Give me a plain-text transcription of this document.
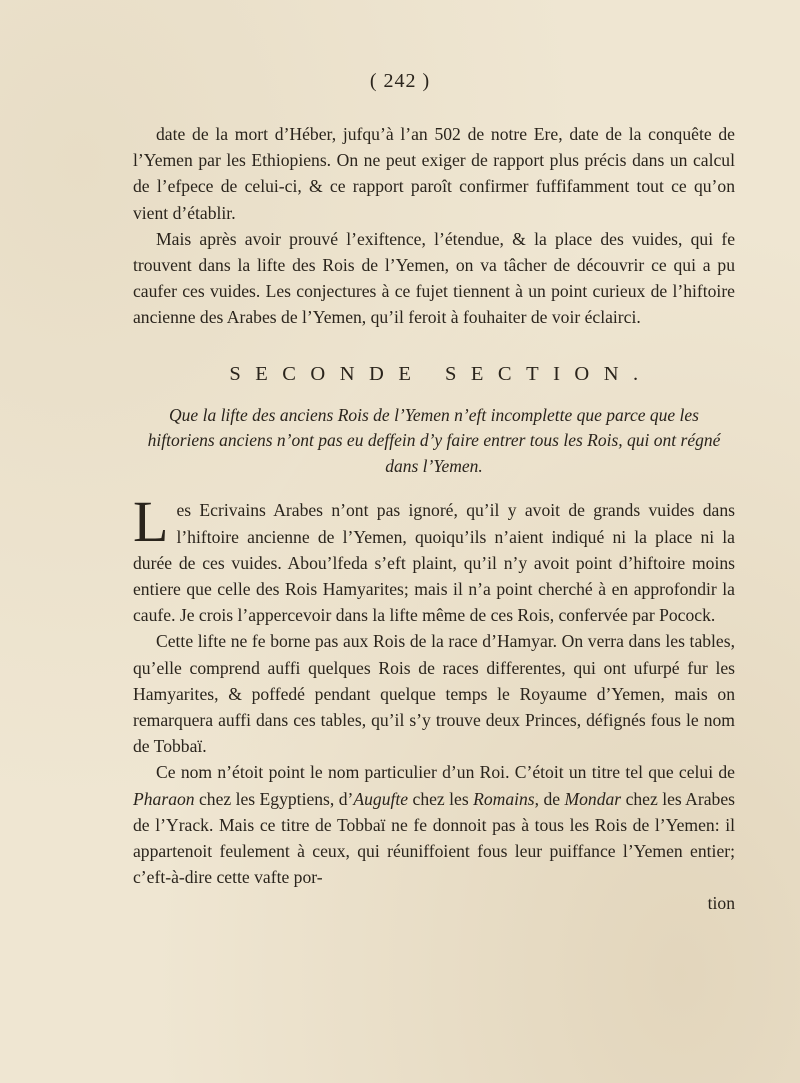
( 242 )

date de la mort d’Héber, jufqu’à l’an 502 de notre Ere, date de la conquête de l’Yemen par les Ethiopiens. On ne peut exiger de rapport plus précis dans un calcul de l’efpece de celui-ci, & ce rapport paroît confirmer fuffifamment tout ce qu’on vient d’établir.

Mais après avoir prouvé l’exiftence, l’étendue, & la place des vuides, qui fe trouvent dans la lifte des Rois de l’Yemen, on va tâcher de découvrir ce qui a pu caufer ces vuides. Les conjectures à ce fujet tiennent à un point curieux de l’hiftoire ancienne des Arabes de l’Yemen, qu’il feroit à fouhaiter de voir éclairci.

SECONDE SECTION.
Que la lifte des anciens Rois de l’Yemen n’eft incomplette que parce que les hiftoriens anciens n’ont pas eu deffein d’y faire entrer tous les Rois, qui ont régné dans l’Yemen.

Les Ecrivains Arabes n’ont pas ignoré, qu’il y avoit de grands vuides dans l’hiftoire ancienne de l’Yemen, quoiqu’ils n’aient indiqué ni la place ni la durée de ces vuides. Abou’lfeda s’eft plaint, qu’il n’y avoit point d’hiftoire moins entiere que celle des Rois Hamyarites; mais il n’a point cherché à en approfondir la caufe. Je crois l’appercevoir dans la lifte même de ces Rois, confervée par Pocock.

Cette lifte ne fe borne pas aux Rois de la race d’Hamyar. On verra dans les tables, qu’elle comprend auffi quelques Rois de races differentes, qui ont ufurpé fur les Hamyarites, & poffedé pendant quelque temps le Royaume d’Yemen, mais on remarquera auffi dans ces tables, qu’il s’y trouve deux Princes, défignés fous le nom de Tobbaï.

Ce nom n’étoit point le nom particulier d’un Roi. C’étoit un titre tel que celui de Pharaon chez les Egyptiens, d’Augufte chez les Romains, de Mondar chez les Arabes de l’Yrack. Mais ce titre de Tobbaï ne fe donnoit pas à tous les Rois de l’Yemen: il appartenoit feulement à ceux, qui réuniffoient fous leur puiffance l’Yemen entier; c’eft-à-dire cette vafte por-

tion
